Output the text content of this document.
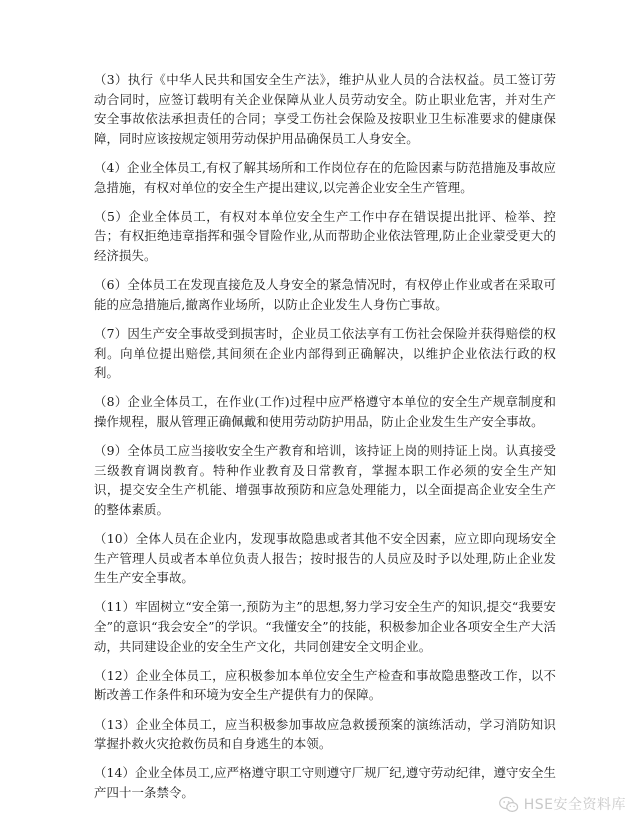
（3）执行《中华人民共和国安全生产法》，维护从业人员的合法权益。员工签订劳动合同时，应签订载明有关企业保障从业人员劳动安全。防止职业危害，并对生产安全事故依法承担责任的合同；享受工伤社会保险及按职业卫生标准要求的健康保障，同时应该按规定领用劳动保护用品确保员工人身安全。

（4）企业全体员工,有权了解其场所和工作岗位存在的危险因素与防范措施及事故应急措施，有权对单位的安全生产提出建议,以完善企业安全生产管理。

（5）企业全体员工，有权对本单位安全生产工作中存在错误提出批评、检举、控告；有权拒绝违章指挥和强令冒险作业,从而帮助企业依法管理,防止企业蒙受更大的经济损失。

（6）全体员工在发现直接危及人身安全的紧急情况时，有权停止作业或者在采取可能的应急措施后,撤离作业场所，以防止企业发生人身伤亡事故。

（7）因生产安全事故受到损害时，企业员工依法享有工伤社会保险并获得赔偿的权利。向单位提出赔偿,其间须在企业内部得到正确解决，以维护企业依法行政的权利。

（8）企业全体员工，在作业(工作)过程中应严格遵守本单位的安全生产规章制度和操作规程，服从管理正确佩戴和使用劳动防护用品，防止企业发生生产安全事故。

（9）全体员工应当接收安全生产教育和培训，该持证上岗的则持证上岗。认真接受三级教育调岗教育。特种作业教育及日常教育，掌握本职工作必须的安全生产知识，提交安全生产机能、增强事故预防和应急处理能力，以全面提高企业安全生产的整体素质。

（10）全体人员在企业内，发现事故隐患或者其他不安全因素，应立即向现场安全生产管理人员或者本单位负责人报告；按时报告的人员应及时予以处理,防止企业发生生产安全事故。

（11）牢固树立“安全第一,预防为主”的思想,努力学习安全生产的知识,提交“我要安全”的意识“我会安全”的学识。“我懂安全”的技能，积极参加企业各项安全生产大活动，共同建设企业的安全生产文化，共同创建安全文明企业。

（12）企业全体员工，应积极参加本单位安全生产检查和事故隐患整改工作，以不断改善工作条件和环境为安全生产提供有力的保障。

（13）企业全体员工，应当积极参加事故应急救援预案的演练活动，学习消防知识掌握扑救火灾抢救伤员和自身逃生的本领。

（14）企业全体员工,应严格遵守职工守则遵守厂规厂纪,遵守劳动纪律，遵守安全生产四十一条禁令。

HSE安全资料库
